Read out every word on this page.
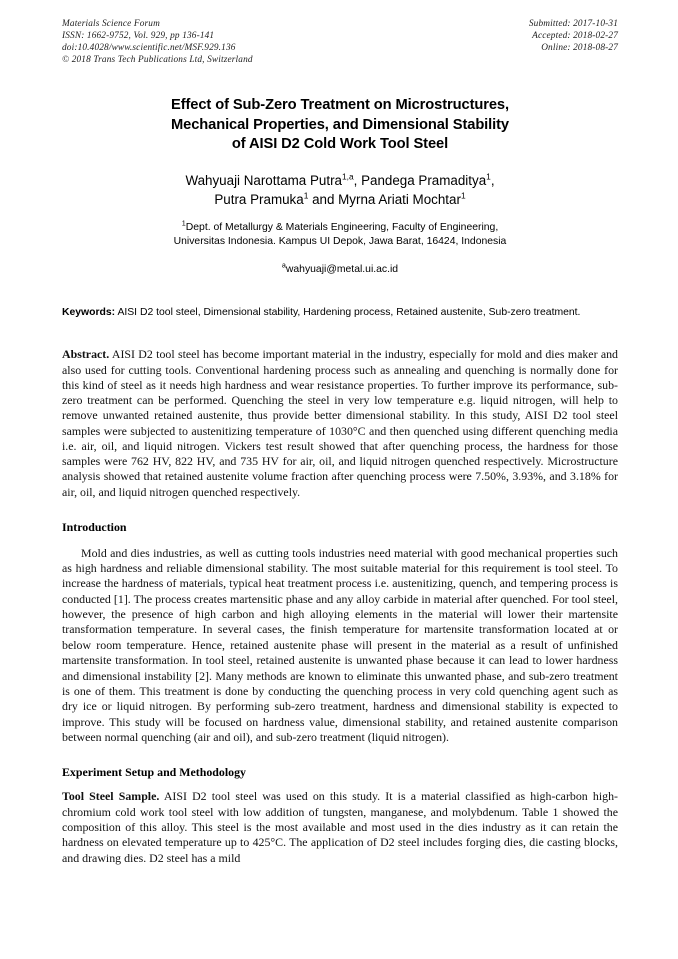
Materials Science Forum
ISSN: 1662-9752, Vol. 929, pp 136-141
doi:10.4028/www.scientific.net/MSF.929.136
© 2018 Trans Tech Publications Ltd, Switzerland
Submitted: 2017-10-31
Accepted: 2018-02-27
Online: 2018-08-27
Effect of Sub-Zero Treatment on Microstructures,
Mechanical Properties, and Dimensional Stability
of AISI D2 Cold Work Tool Steel
Wahyuaji Narottama Putra$^{1,a}$, Pandega Pramaditya$^1$,
Putra Pramuka$^1$ and Myrna Ariati Mochtar$^1$
$^1$Dept. of Metallurgy & Materials Engineering, Faculty of Engineering,
Universitas Indonesia. Kampus UI Depok, Jawa Barat, 16424, Indonesia
$^a$wahyuaji@metal.ui.ac.id
Keywords: AISI D2 tool steel, Dimensional stability, Hardening process, Retained austenite, Sub-zero treatment.
Abstract. AISI D2 tool steel has become important material in the industry, especially for mold and dies maker and also used for cutting tools. Conventional hardening process such as annealing and quenching is normally done for this kind of steel as it needs high hardness and wear resistance properties. To further improve its performance, sub-zero treatment can be performed. Quenching the steel in very low temperature e.g. liquid nitrogen, will help to remove unwanted retained austenite, thus provide better dimensional stability. In this study, AISI D2 tool steel samples were subjected to austenitizing temperature of 1030°C and then quenched using different quenching media i.e. air, oil, and liquid nitrogen. Vickers test result showed that after quenching process, the hardness for those samples were 762 HV, 822 HV, and 735 HV for air, oil, and liquid nitrogen quenched respectively. Microstructure analysis showed that retained austenite volume fraction after quenching process were 7.50%, 3.93%, and 3.18% for air, oil, and liquid nitrogen quenched respectively.
Introduction

Mold and dies industries, as well as cutting tools industries need material with good mechanical properties such as high hardness and reliable dimensional stability. The most suitable material for this requirement is tool steel. To increase the hardness of materials, typical heat treatment process i.e. austenitizing, quench, and tempering process is conducted [1]. The process creates martensitic phase and any alloy carbide in material after quenched. For tool steel, however, the presence of high carbon and high alloying elements in the material will lower their martensite transformation temperature. In several cases, the finish temperature for martensite transformation located at or below room temperature. Hence, retained austenite phase will present in the material as a result of unfinished martensite transformation. In tool steel, retained austenite is unwanted phase because it can lead to lower hardness and dimensional instability [2]. Many methods are known to eliminate this unwanted phase, and sub-zero treatment is one of them. This treatment is done by conducting the quenching process in very cold quenching agent such as dry ice or liquid nitrogen. By performing sub-zero treatment, hardness and dimensional stability is expected to improve. This study will be focused on hardness value, dimensional stability, and retained austenite comparison between normal quenching (air and oil), and sub-zero treatment (liquid nitrogen).

Experiment Setup and Methodology

Tool Steel Sample. AISI D2 tool steel was used on this study. It is a material classified as high-carbon high-chromium cold work tool steel with low addition of tungsten, manganese, and molybdenum. Table 1 showed the composition of this alloy. This steel is the most available and most used in the dies industry as it can retain the hardness on elevated temperature up to 425°C. The application of D2 steel includes forging dies, die casting blocks, and drawing dies. D2 steel has a mild
